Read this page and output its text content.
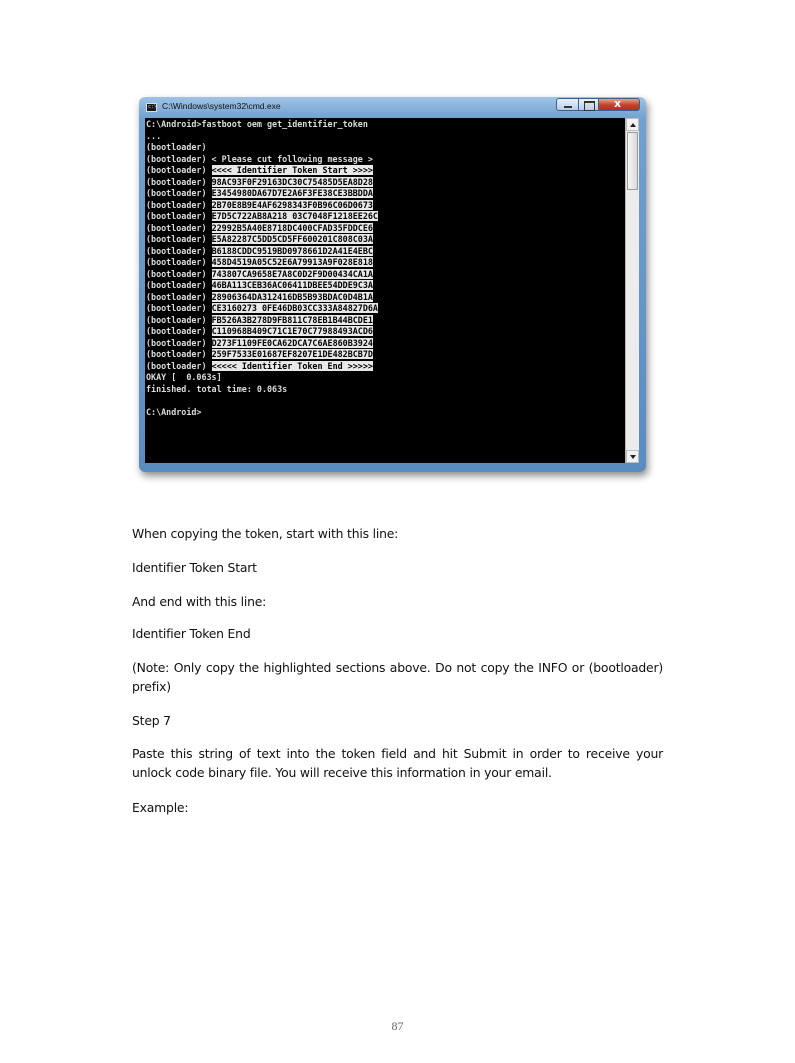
c:\ C:\Windows\system32\cmd.exe
x
C:\Android>fastboot oem get_identifier_token
...
(bootloader)
(bootloader) < Please cut following message >
(bootloader) <<<< Identifier Token Start >>>>
(bootloader) 98AC93F0F29163DC30C75485D5EA8D28
(bootloader) E3454980DA67D7E2A6F3FE38CE3BBDDA
(bootloader) 2B70E8B9E4AF6298343F0B96C06D0673
(bootloader) E7D5C722AB8A218 03C7048F1218EE26C
(bootloader) 22992B5A40E8718DC400CFAD35FDDCE6
(bootloader) E5A82287C5DD5CD5FF600201C808C03A
(bootloader) B6188CDDC9519BD0978661D2A41E4EBC
(bootloader) 458D4519A05C52E6A79913A9F028E818
(bootloader) 743807CA9658E7A8C0D2F9D00434CA1A
(bootloader) 46BA113CEB36AC06411DBEE54DDE9C3A
(bootloader) 28906364DA312416DB5B93BDAC0D4B1A
(bootloader) CE3160273 0FE46DB03CC333A84827D6A
(bootloader) FB526A3B278D9FB811C78EB1B44BCDE1
(bootloader) C110968B409C71C1E70C77988493ACD6
(bootloader) D273F1109FE0CA62DCA7C6AE860B3924
(bootloader) 259F7533E01687EF8207E1DE482BCB7D
(bootloader) <<<<< Identifier Token End >>>>>
OKAY [  0.063s]
finished. total time: 0.063s
C:\Android>

When copying the token, start with this line:

Identifier Token Start

And end with this line:

Identifier Token End

(Note: Only copy the highlighted sections above. Do not copy the INFO or (bootloader) prefix)

Step 7

Paste this string of text into the token field and hit Submit in order to receive your unlock code binary file. You will receive this information in your email.

Example:

87
